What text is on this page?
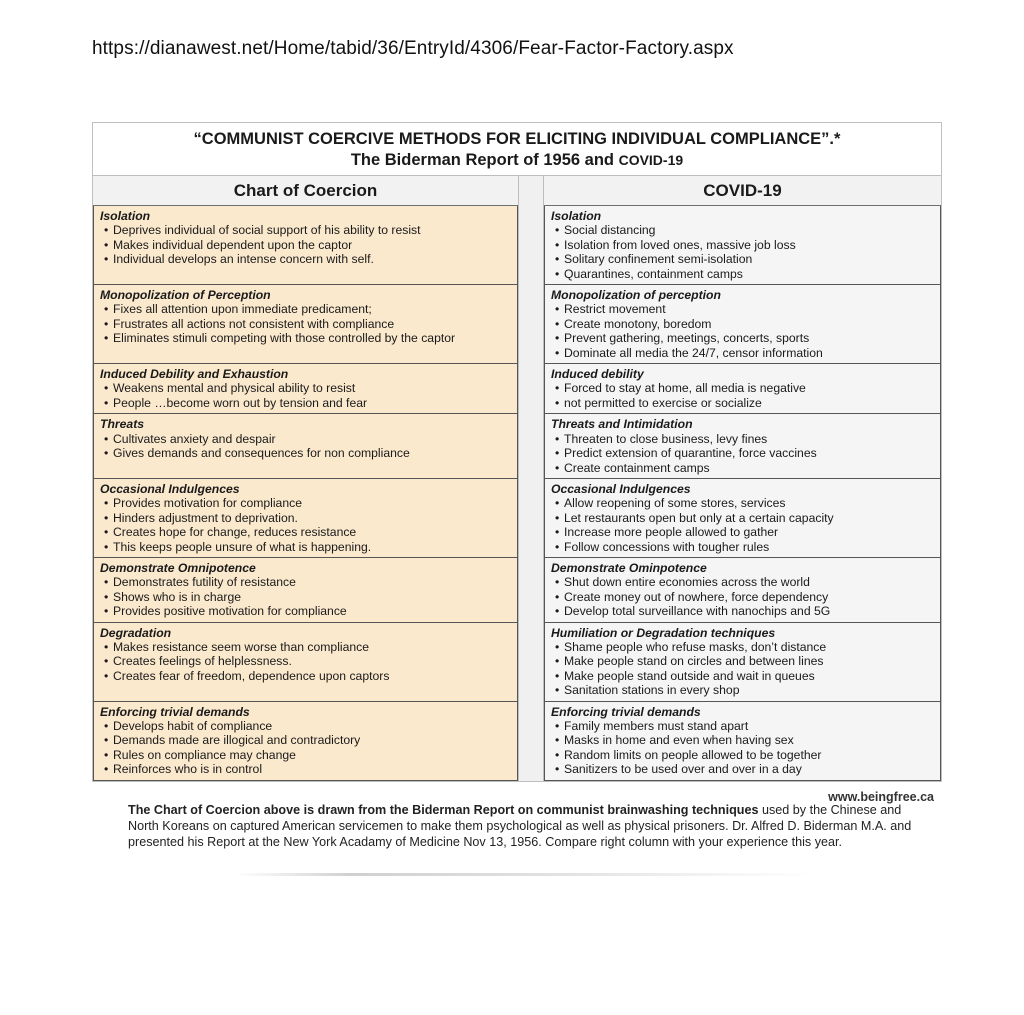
https://dianawest.net/Home/tabid/36/EntryId/4306/Fear-Factor-Factory.aspx
“COMMUNIST COERCIVE METHODS FOR ELICITING INDIVIDUAL COMPLIANCE”.*
The Biderman Report of 1956 and COVID-19
Chart of Coercion	COVID-19
Isolation
• Deprives individual of social support of his ability to resist
• Makes individual dependent upon the captor
• Individual develops an intense concern with self.
Isolation
• Social distancing
• Isolation from loved ones, massive job loss
• Solitary confinement semi-isolation
• Quarantines, containment camps
Monopolization of Perception
• Fixes all attention upon immediate predicament;
• Frustrates all actions not consistent with compliance
• Eliminates stimuli competing with those controlled by the captor
Monopolization of perception
• Restrict movement
• Create monotony, boredom
• Prevent gathering, meetings, concerts, sports
• Dominate all media the 24/7, censor information
Induced Debility and Exhaustion
• Weakens mental and physical ability to resist
• People …become worn out by tension and fear
Induced debility
• Forced to stay at home, all media is negative
• not permitted to exercise or socialize
Threats
• Cultivates anxiety and despair
• Gives demands and consequences for non compliance
Threats and Intimidation
• Threaten to close business, levy fines
• Predict extension of quarantine, force vaccines
• Create containment camps
Occasional Indulgences
• Provides motivation for compliance
• Hinders adjustment to deprivation.
• Creates hope for change, reduces resistance
• This keeps people unsure of what is happening.
Occasional Indulgences
• Allow reopening of some stores, services
• Let restaurants open but only at a certain capacity
• Increase more people allowed to gather
• Follow concessions with tougher rules
Demonstrate Omnipotence
• Demonstrates futility of resistance
• Shows who is in charge
• Provides positive motivation for compliance
Demonstrate Ominpotence
• Shut down entire economies across the world
• Create money out of nowhere, force dependency
• Develop total surveillance with nanochips and 5G
Degradation
• Makes resistance seem worse than compliance
• Creates feelings of helplessness.
• Creates fear of freedom, dependence upon captors
Humiliation or Degradation techniques
• Shame people who refuse masks, don’t distance
• Make people stand on circles and between lines
• Make people stand outside and wait in queues
• Sanitation stations in every shop
Enforcing trivial demands
• Develops habit of compliance
• Demands made are illogical and contradictory
• Rules on compliance may change
• Reinforces who is in control
Enforcing trivial demands
• Family members must stand apart
• Masks in home and even when having sex
• Random limits on people allowed to be together
• Sanitizers to be used over and over in a day
www.beingfree.ca
The Chart of Coercion above is drawn from the Biderman Report on communist brainwashing techniques used by the Chinese and North Koreans on captured American servicemen to make them psychological as well as physical prisoners. Dr. Alfred D. Biderman M.A. and presented his Report at the New York Acadamy of Medicine Nov 13, 1956. Compare right column with your experience this year.
